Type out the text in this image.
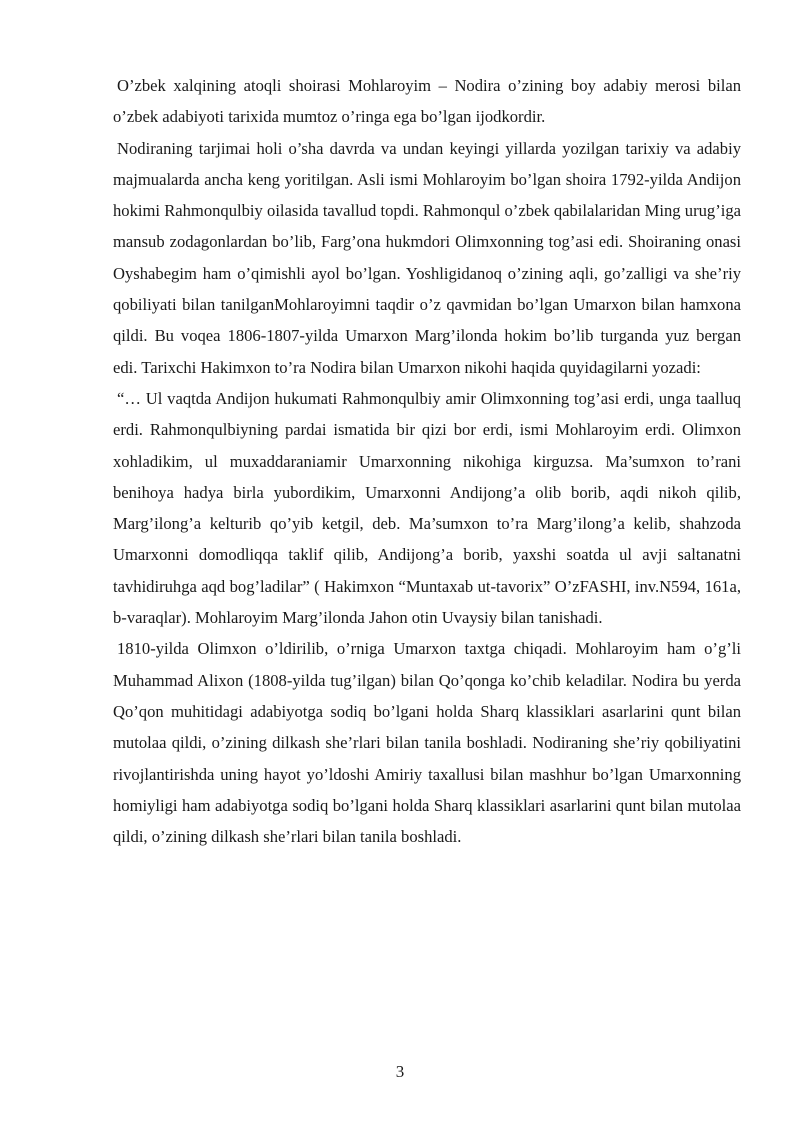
O’zbek xalqining atoqli shoirasi Mohlaroyim – Nodira o’zining boy adabiy merosi bilan o’zbek adabiyoti tarixida mumtoz o’ringa ega bo’lgan ijodkordir.

Nodiraning tarjimai holi o’sha davrda va undan keyingi yillarda yozilgan tarixiy va adabiy majmualarda ancha keng yoritilgan. Asli ismi Mohlaroyim bo’lgan shoira 1792-yilda Andijon hokimi Rahmonqulbiy oilasida tavallud topdi. Rahmonqul o’zbek qabilalaridan Ming urug’iga mansub zodagonlardan bo’lib, Farg’ona hukmdori Olimxonning tog’asi edi. Shoiraning onasi Oyshabegim ham o’qimishli ayol bo’lgan. Yoshligidanoq o’zining aqli, go’zalligi va she’riy qobiliyati bilan tanilganMohlaroyimni taqdir o’z qavmidan bo’lgan Umarxon bilan hamxona qildi. Bu voqea 1806-1807-yilda Umarxon Marg’ilonda hokim bo’lib turganda yuz bergan edi. Tarixchi Hakimxon to’ra Nodira bilan Umarxon nikohi haqida quyidagilarni yozadi:

“… Ul vaqtda Andijon hukumati Rahmonqulbiy amir Olimxonning tog’asi erdi, unga taalluq erdi. Rahmonqulbiyning pardai ismatida bir qizi bor erdi, ismi Mohlaroyim erdi. Olimxon xohladikim, ul muxaddaraniamir Umarxonning nikohiga kirguzsa. Ma’sumxon to’rani benihoya hadya birla yubordikim, Umarxonni Andijong’a olib borib, aqdi nikoh qilib, Marg’ilong’a kelturib qo’yib ketgil, deb. Ma’sumxon to’ra Marg’ilong’a kelib, shahzoda Umarxonni domodliqqa taklif qilib, Andijong’a borib, yaxshi soatda ul avji saltanatni tavhidiruhga aqd bog’ladilar” ( Hakimxon “Muntaxab ut-tavorix” O’zFASHI, inv.N594, 161a, b-varaqlar). Mohlaroyim Marg’ilonda Jahon otin Uvaysiy bilan tanishadi.

1810-yilda Olimxon o’ldirilib, o’rniga Umarxon taxtga chiqadi. Mohlaroyim ham o’g’li Muhammad Alixon (1808-yilda tug’ilgan) bilan Qo’qonga ko’chib keladilar. Nodira bu yerda Qo’qon muhitidagi adabiyotga sodiq bo’lgani holda Sharq klassiklari asarlarini qunt bilan mutolaa qildi, o’zining dilkash she’rlari bilan tanila boshladi. Nodiraning she’riy qobiliyatini rivojlantirishda uning hayot yo’ldoshi Amiriy taxallusi bilan mashhur bo’lgan Umarxonning homiyligi ham adabiyotga sodiq bo’lgani holda Sharq klassiklari asarlarini qunt bilan mutolaa qildi, o’zining dilkash she’rlari bilan tanila boshladi.

3
